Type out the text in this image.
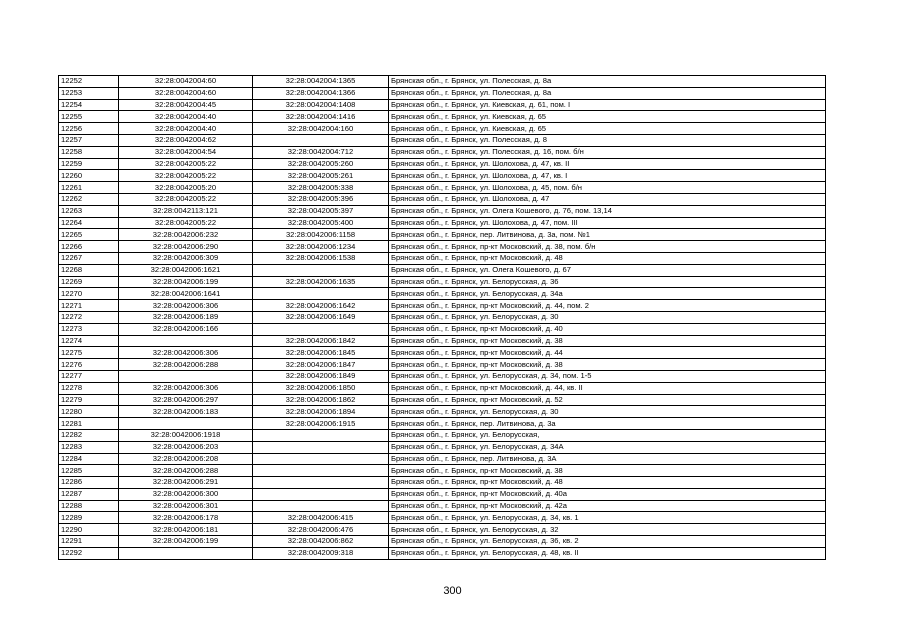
12252	32:28:0042004:60	32:28:0042004:1365	Брянская обл., г. Брянск, ул. Полесская, д. 8а
12253	32:28:0042004:60	32:28:0042004:1366	Брянская обл., г. Брянск, ул. Полесская, д. 8а
12254	32:28:0042004:45	32:28:0042004:1408	Брянская обл., г. Брянск, ул. Киевская, д. 61, пом. I
12255	32:28:0042004:40	32:28:0042004:1416	Брянская обл., г. Брянск, ул. Киевская, д. 65
12256	32:28:0042004:40	32:28:0042004:160	Брянская обл., г. Брянск, ул. Киевская, д. 65
12257	32:28:0042004:62		Брянская обл., г. Брянск, ул. Полесская, д. 8
12258	32:28:0042004:54	32:28:0042004:712	Брянская обл., г. Брянск, ул. Полесская, д. 16, пом. б/н
12259	32:28:0042005:22	32:28:0042005:260	Брянская обл., г. Брянск, ул. Шолохова, д. 47, кв. II
12260	32:28:0042005:22	32:28:0042005:261	Брянская обл., г. Брянск, ул. Шолохова, д. 47, кв. I
12261	32:28:0042005:20	32:28:0042005:338	Брянская обл., г. Брянск, ул. Шолохова, д. 45, пом. б/н
12262	32:28:0042005:22	32:28:0042005:396	Брянская обл., г. Брянск, ул. Шолохова, д. 47
12263	32:28:0042113:121	32:28:0042005:397	Брянская обл., г. Брянск, ул. Олега Кошевого, д. 76, пом. 13,14
12264	32:28:0042005:22	32:28:0042005:400	Брянская обл., г. Брянск, ул. Шолохова, д. 47, пом. III
12265	32:28:0042006:232	32:28:0042006:1158	Брянская обл., г. Брянск, пер. Литвинова, д. 3а, пом. №1
12266	32:28:0042006:290	32:28:0042006:1234	Брянская обл., г. Брянск, пр-кт Московский, д. 38, пом. б/н
12267	32:28:0042006:309	32:28:0042006:1538	Брянская обл., г. Брянск, пр-кт Московский, д. 48
12268	32:28:0042006:1621		Брянская обл., г. Брянск, ул. Олега Кошевого, д. 67
12269	32:28:0042006:199	32:28:0042006:1635	Брянская обл., г. Брянск, ул. Белорусская, д. 36
12270	32:28:0042006:1641		Брянская обл., г. Брянск, ул. Белорусская, д. 34а
12271	32:28:0042006:306	32:28:0042006:1642	Брянская обл., г. Брянск, пр-кт Московский, д. 44, пом. 2
12272	32:28:0042006:189	32:28:0042006:1649	Брянская обл., г. Брянск, ул. Белорусская, д. 30
12273	32:28:0042006:166		Брянская обл., г. Брянск, пр-кт Московский, д. 40
12274		32:28:0042006:1842	Брянская обл., г. Брянск, пр-кт Московский, д. 38
12275	32:28:0042006:306	32:28:0042006:1845	Брянская обл., г. Брянск, пр-кт Московский, д. 44
12276	32:28:0042006:288	32:28:0042006:1847	Брянская обл., г. Брянск, пр-кт Московский, д. 38
12277		32:28:0042006:1849	Брянская обл., г. Брянск, ул. Белорусская, д. 34, пом. 1-5
12278	32:28:0042006:306	32:28:0042006:1850	Брянская обл., г. Брянск, пр-кт Московский, д. 44, кв. II
12279	32:28:0042006:297	32:28:0042006:1862	Брянская обл., г. Брянск, пр-кт Московский, д. 52
12280	32:28:0042006:183	32:28:0042006:1894	Брянская обл., г. Брянск, ул. Белорусская, д. 30
12281		32:28:0042006:1915	Брянская обл., г. Брянск, пер. Литвинова, д. 3а
12282	32:28:0042006:1918		Брянская обл., г. Брянск, ул. Белорусская,
12283	32:28:0042006:203		Брянская обл., г. Брянск, ул. Белорусская, д. 34А
12284	32:28:0042006:208		Брянская обл., г. Брянск, пер. Литвинова, д. 3А
12285	32:28:0042006:288		Брянская обл., г. Брянск, пр-кт Московский, д. 38
12286	32:28:0042006:291		Брянская обл., г. Брянск, пр-кт Московский, д. 48
12287	32:28:0042006:300		Брянская обл., г. Брянск, пр-кт Московский, д. 40а
12288	32:28:0042006:301		Брянская обл., г. Брянск, пр-кт Московский, д. 42а
12289	32:28:0042006:178	32:28:0042006:415	Брянская обл., г. Брянск, ул. Белорусская, д. 34, кв. 1
12290	32:28:0042006:181	32:28:0042006:476	Брянская обл., г. Брянск, ул. Белорусская, д. 32
12291	32:28:0042006:199	32:28:0042006:862	Брянская обл., г. Брянск, ул. Белорусская, д. 36, кв. 2
12292		32:28:0042009:318	Брянская обл., г. Брянск, ул. Белорусская, д. 48, кв. II
300
